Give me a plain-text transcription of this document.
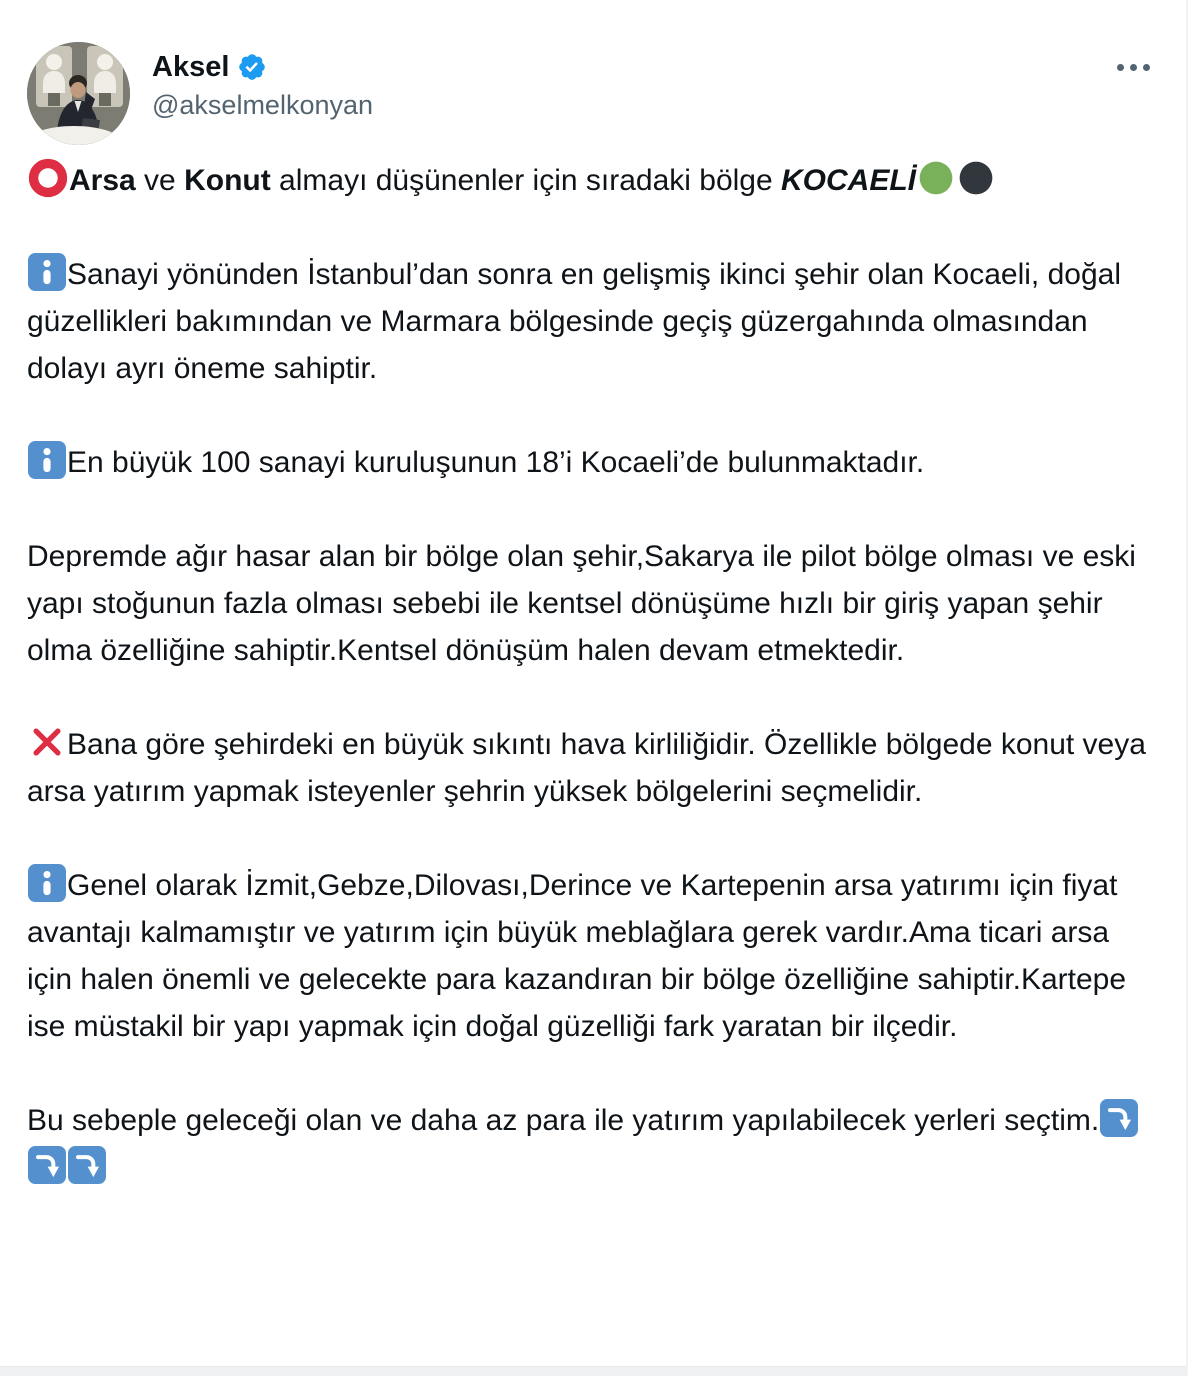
Aksel
@akselmelkonyan

Arsa ve Konut almayı düşünenler için sıradaki bölge KOCAELİ

Sanayi yönünden İstanbul’dan sonra en gelişmiş ikinci şehir olan Kocaeli, doğal güzellikleri bakımından ve Marmara bölgesinde geçiş güzergahında olmasından dolayı ayrı öneme sahiptir.

En büyük 100 sanayi kuruluşunun 18’i Kocaeli’de bulunmaktadır.

Depremde ağır hasar alan bir bölge olan şehir,Sakarya ile pilot bölge olması ve eski yapı stoğunun fazla olması sebebi ile kentsel dönüşüme hızlı bir giriş yapan şehir olma özelliğine sahiptir.Kentsel dönüşüm halen devam etmektedir.

Bana göre şehirdeki en büyük sıkıntı hava kirliliğidir. Özellikle bölgede konut veya arsa yatırım yapmak isteyenler şehrin yüksek bölgelerini seçmelidir.

Genel olarak İzmit,Gebze,Dilovası,Derince ve Kartepenin arsa yatırımı için fiyat avantajı kalmamıştır ve yatırım için büyük meblağlara gerek vardır.Ama ticari arsa için halen önemli ve gelecekte para kazandıran bir bölge özelliğine sahiptir.Kartepe ise müstakil bir yapı yapmak için doğal güzelliği fark yaratan bir ilçedir.

Bu sebeple geleceği olan ve daha az para ile yatırım yapılabilecek yerleri seçtim.
